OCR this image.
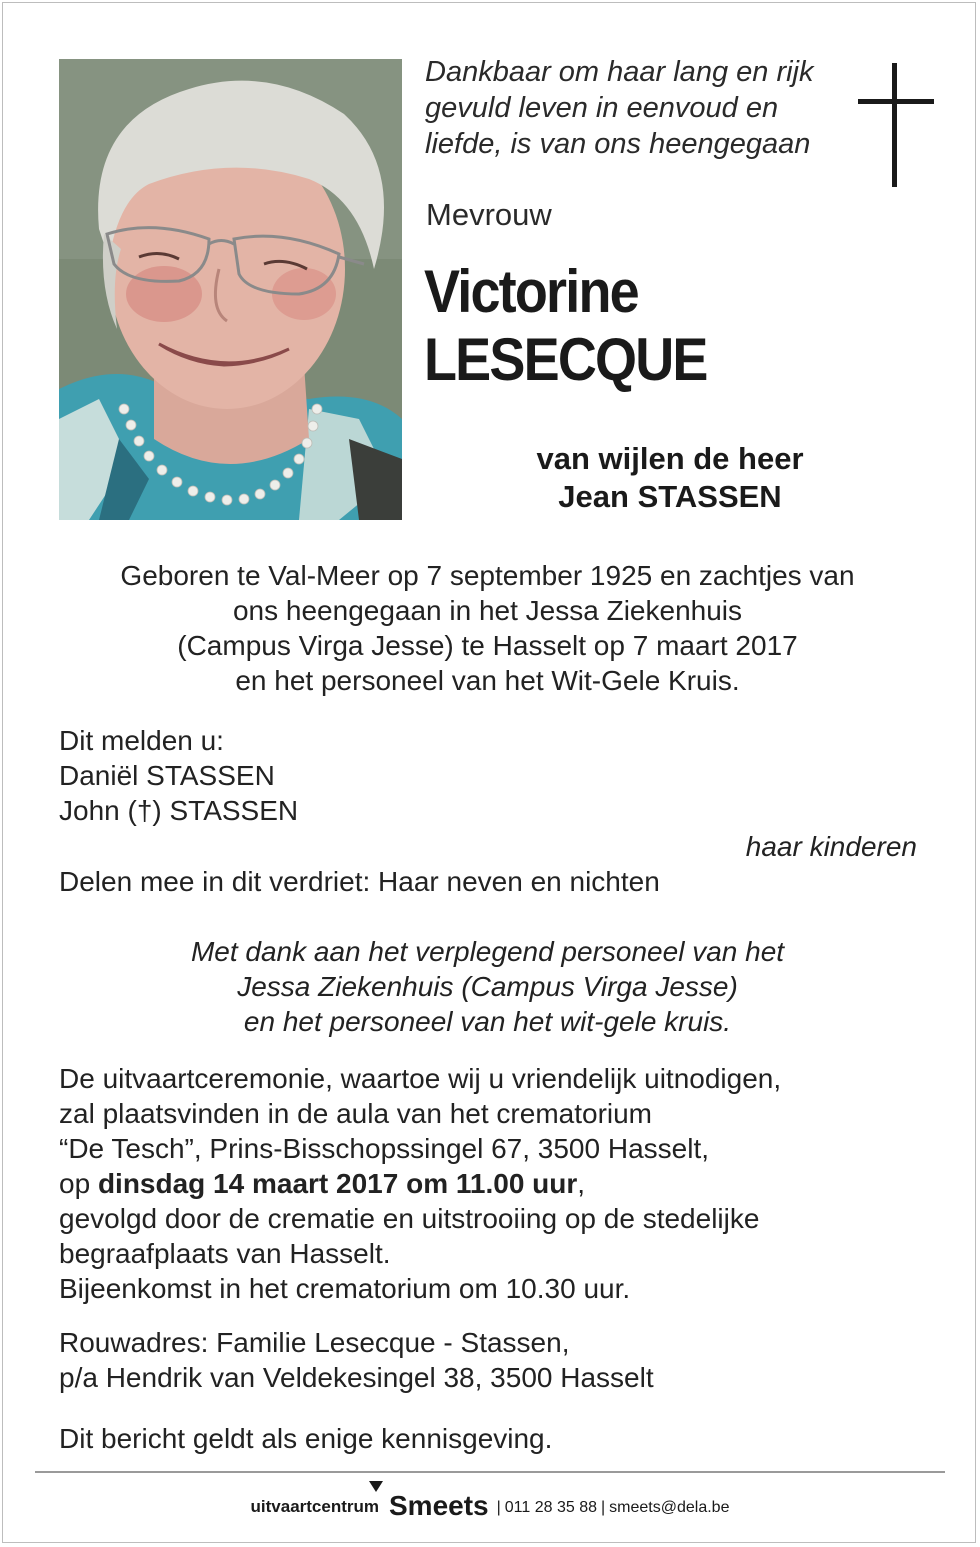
Dankbaar om haar lang en rijk
gevuld leven in eenvoud en
liefde, is van ons heengegaan
Mevrouw
Victorine
LESECQUE
van wijlen de heer
Jean STASSEN
Geboren te Val-Meer op 7 september 1925 en zachtjes van
ons heengegaan in het Jessa Ziekenhuis
(Campus Virga Jesse) te Hasselt op 7 maart 2017
en het personeel van het Wit-Gele Kruis.
Dit melden u:
Daniël STASSEN
John (†) STASSEN
haar kinderen
Delen mee in dit verdriet: Haar neven en nichten
Met dank aan het verplegend personeel van het
Jessa Ziekenhuis (Campus Virga Jesse)
en het personeel van het wit-gele kruis.
De uitvaartceremonie, waartoe wij u vriendelijk uitnodigen,
zal plaatsvinden in de aula van het crematorium
“De Tesch”, Prins-Bisschopssingel 67, 3500 Hasselt,
op dinsdag 14 maart 2017 om 11.00 uur,
gevolgd door de crematie en uitstrooiing op de stedelijke
begraafplaats van Hasselt.
Bijeenkomst in het crematorium om 10.30 uur.
Rouwadres: Familie Lesecque - Stassen,
p/a Hendrik van Veldekesingel 38, 3500 Hasselt
Dit bericht geldt als enige kennisgeving.
uitvaartcentrum Smeets | 011 28 35 88 | smeets@dela.be
